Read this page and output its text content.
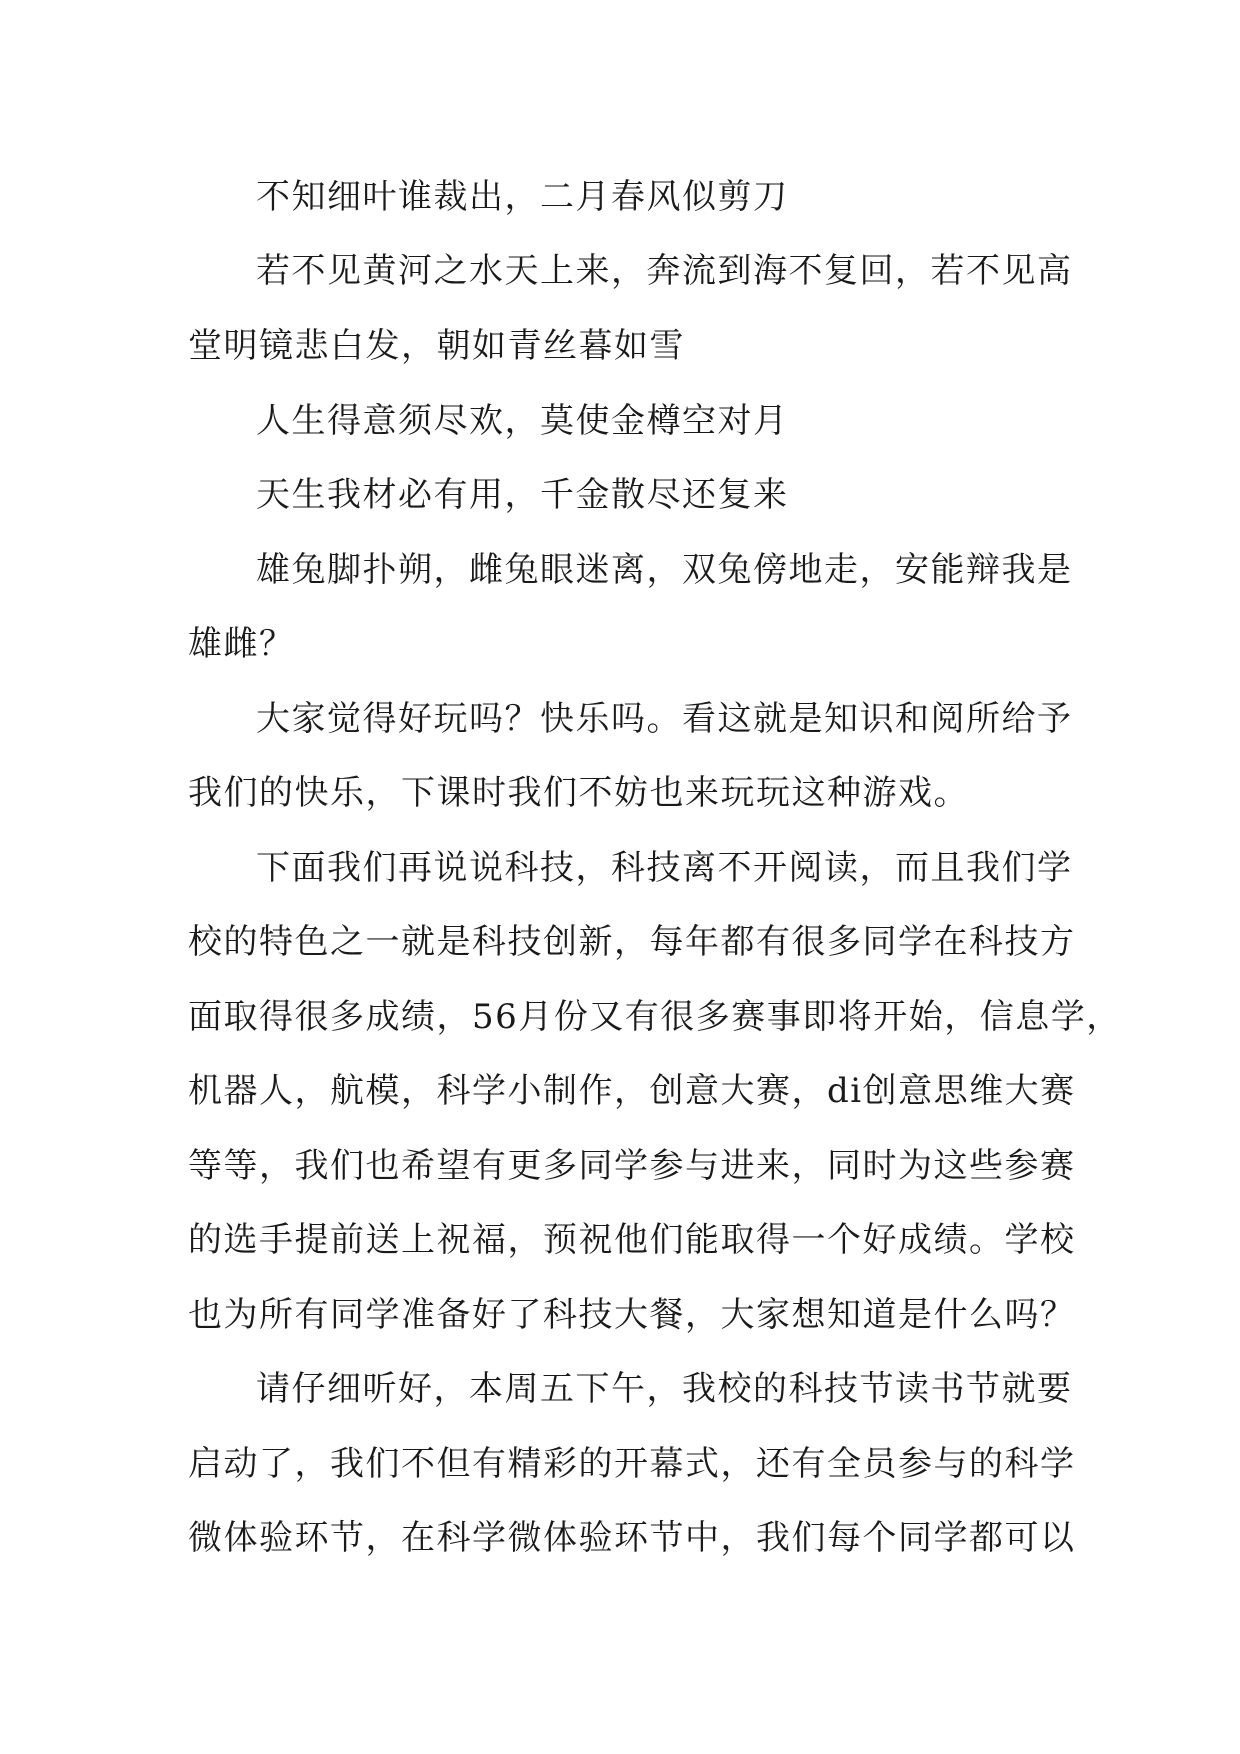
不知细叶谁裁出，二月春风似剪刀

若不见黄河之水天上来，奔流到海不复回，若不见高

堂明镜悲白发，朝如青丝暮如雪

人生得意须尽欢，莫使金樽空对月

天生我材必有用，千金散尽还复来

雄兔脚扑朔，雌兔眼迷离，双兔傍地走，安能辩我是

雄雌？

大家觉得好玩吗？快乐吗。看这就是知识和阅所给予

我们的快乐，下课时我们不妨也来玩玩这种游戏。

下面我们再说说科技，科技离不开阅读，而且我们学

校的特色之一就是科技创新，每年都有很多同学在科技方

面取得很多成绩，56月份又有很多赛事即将开始，信息学，

机器人，航模，科学小制作，创意大赛，di创意思维大赛

等等，我们也希望有更多同学参与进来，同时为这些参赛

的选手提前送上祝福，预祝他们能取得一个好成绩。学校

也为所有同学准备好了科技大餐，大家想知道是什么吗？

请仔细听好，本周五下午，我校的科技节读书节就要

启动了，我们不但有精彩的开幕式，还有全员参与的科学

微体验环节，在科学微体验环节中，我们每个同学都可以
